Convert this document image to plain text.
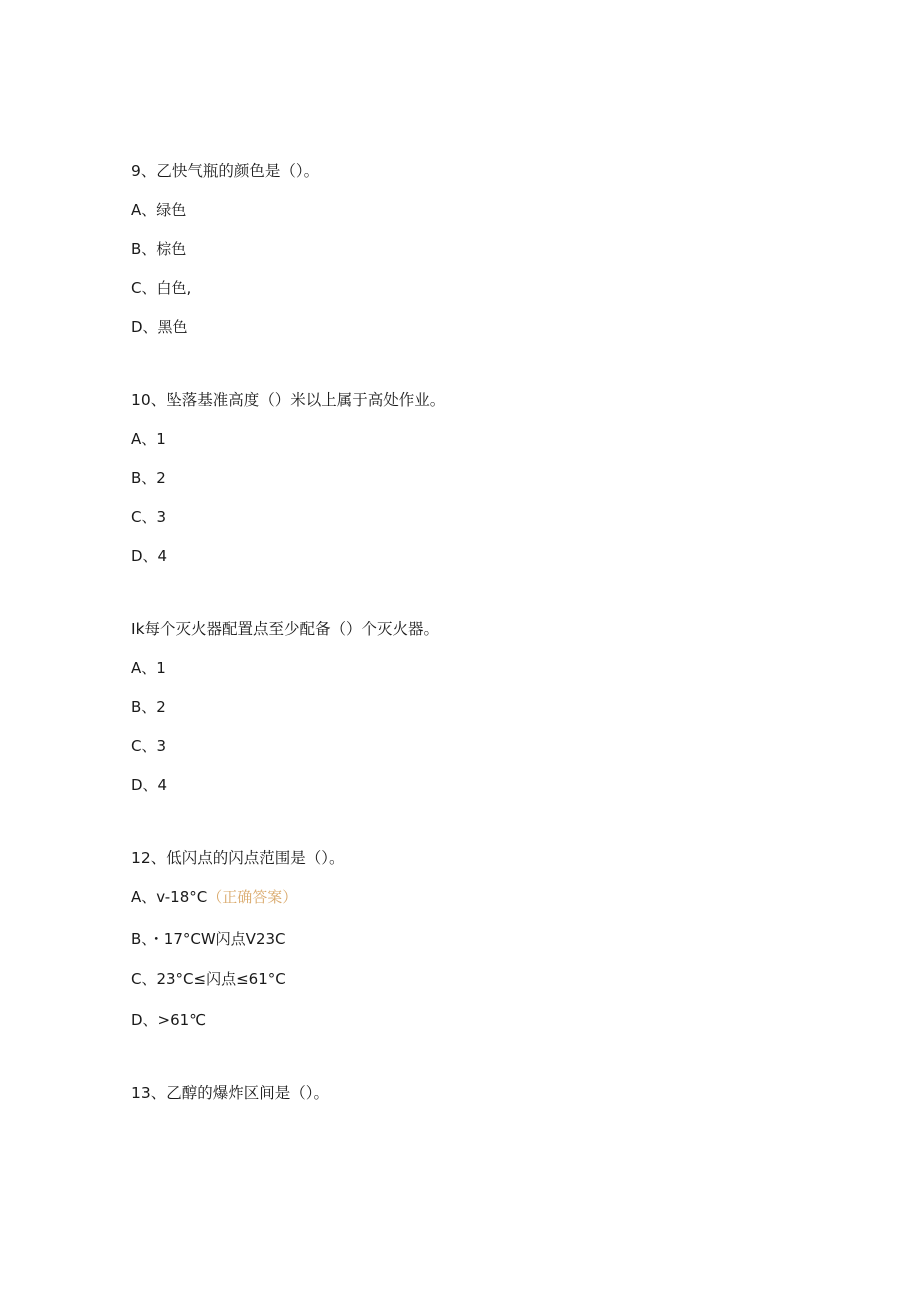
9、乙快气瓶的颜色是（）。
A、绿色
B、棕色
C、白色,
D、黑色
10、坠落基准高度（）米以上属于高处作业。
A、1
B、2
C、3
D、4
Ik每个灭火器配置点至少配备（）个灭火器。
A、1
B、2
C、3
D、4
12、低闪点的闪点范围是（）。
A、v-18°C（正确答案）
B、・17°CW闪点V23C
C、23°C≤闪点≤61°C
D、>61℃
13、乙醇的爆炸区间是（）。
